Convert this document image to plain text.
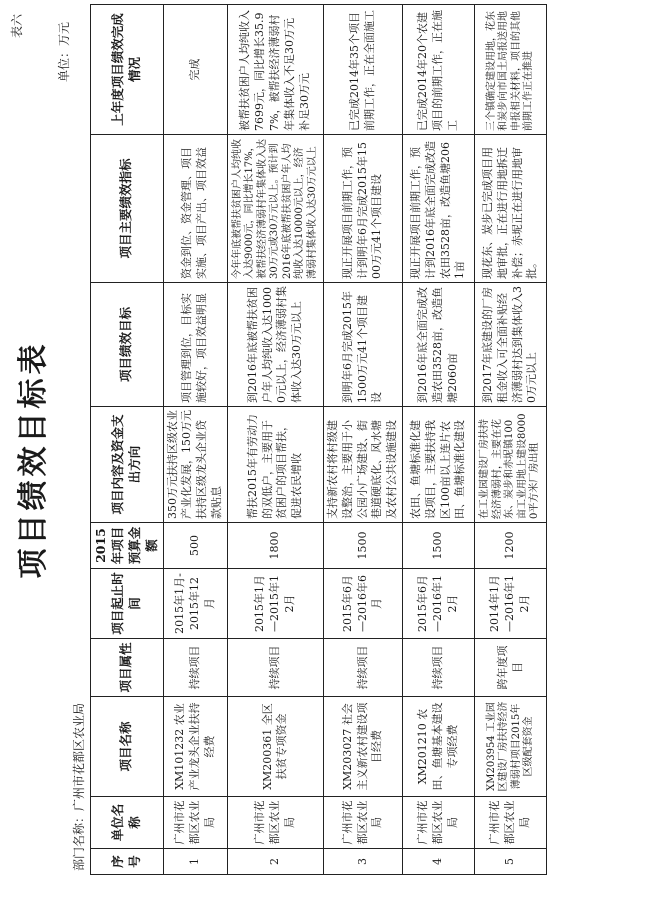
表六
项目绩效目标表
部门名称：广州市花都区农业局
单位：万元
序号	单位名称	项目名称	项目属性	项目起止时间	2015年项目预算金额	项目内容及资金支出方向	项目绩效目标	项目主要绩效指标	上年度项目绩效完成情况
1	广州市花都区农业局	XM101232 农业产业龙头企业扶持经费	持续项目	2015年1月-2015年12月	500	350万元扶持区级农业产业化发展，150万元扶持区级龙头企业贷款贴息	项目管理到位，目标实施较好，项目效益明显	资金到位、资金管理、项目实施、项目产出、项目效益	完成
2	广州市花都区农业局	XM200361 全区扶贫专项资金	持续项目	2015年1月—2015年12月	1800	帮扶2015年有劳动力的双低户，主要用于贫困户的项目帮扶，促进农民增收	到2016年底被帮扶贫困户年人均纯收入达10000元以上，经济薄弱村集体收入达30万元以上	今年年底被帮扶贫困户人均纯收入达9000元，同比增长17%，被帮扶经济薄弱村年集体收入达30万元或30万元以上。预计到2016年底被帮扶贫困户年人均纯收入达10000元以上，经济薄弱村集体收入达30万元以上	被帮扶贫困户人均纯收入7699元，同比增长35.97%，被帮扶经济薄弱村年集体收入不足30万元补足30万元
3	广州市花都区农业局	XM203027 社会主义新农村建设项目经费	持续项目	2015年6月—2016年6月	1500	支持新农村将村级建设整治，主要用于小公园小广场建设、街巷道硬底化、风水塘及农村公共设施建设	到明年6月完成2015年1500万元41个项目建设	现正开展项目前期工作，预计到明年6月完成2015年1500万元41个项目建设	已完成2014年35个项目前期工作，正在全面施工
4	广州市花都区农业局	XM201210 农田、鱼塘基本建设专项经费	持续项目	2015年6月—2016年12月	1500	农田、鱼塘标准化建设项目，主要扶持我区100亩以上连片农田、鱼塘标准化建设	到2016年底全面完成改造农田3528亩，改造鱼塘2060亩	现正开展项目前期工作，预计到2016年底全面完成改造农田3528亩，改造鱼塘2061亩	已完成2014年20个农建项目的前期工作，正在施工
5	广州市花都区农业局	XM203954 工业园区建设厂房扶持经济薄弱村项目2015年区级配套资金	跨年度项目	2014年1月—2016年12月	1200	在工业园建设厂房扶持经济薄弱村，主要在花东、炭步和赤坭镇100亩工业用地上建设80000平方米厂房出租	到2017年底建设的厂房租金收入可全面补贴经济薄弱村达到集体收入30万元以上	现花东、炭步已完成项目用地审批，正在进行用地拆迁补偿；赤坭正在进行用地审批。	三个镇确定建设用地，花东和炭步向市国土局报送用地申报相关材料，项目的其他前期工作正在推进
